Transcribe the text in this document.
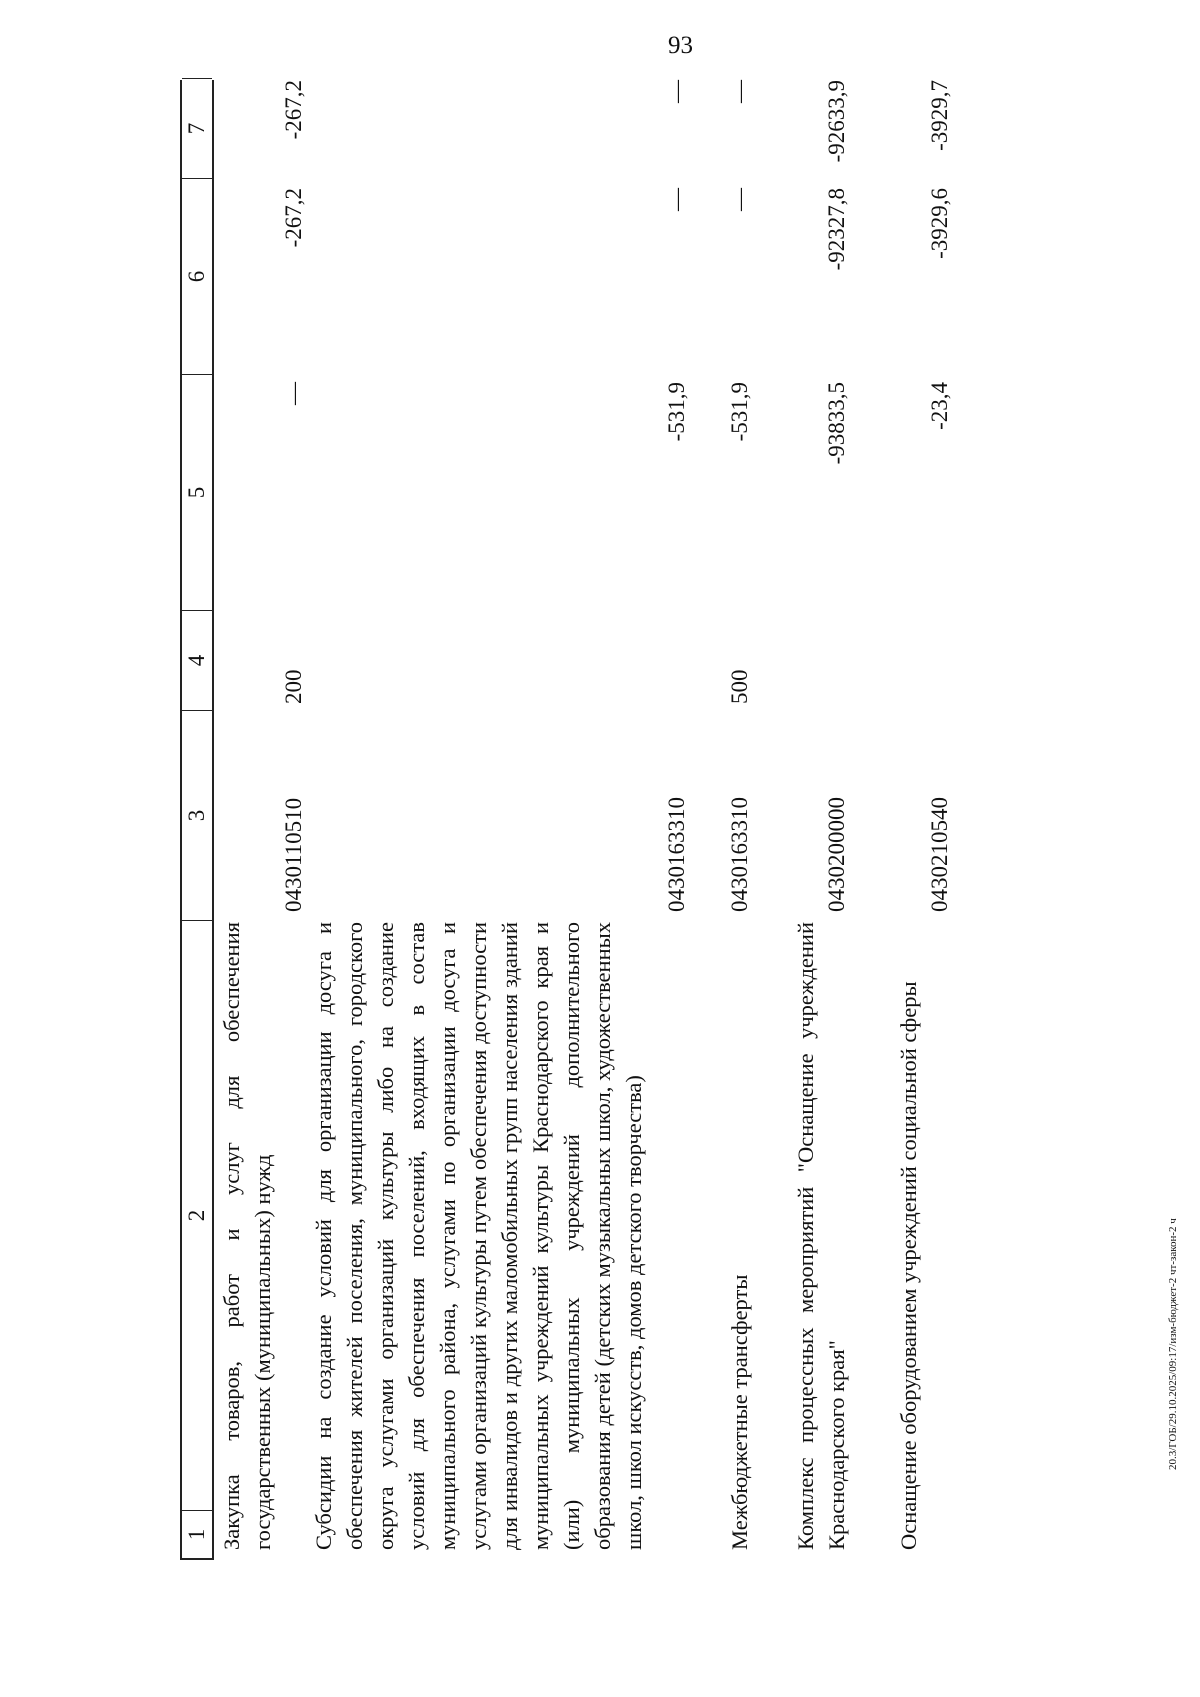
93
20.3/ГОБ/29.10.2025/09:17/изм-бюджет-2 чт-закон-2 ч
1
2
3
4
5
6
7
Закупка товаров, работ и услуг для обеспечения государственных (муниципальных) нужд
0430110510
200
—
-267,2
-267,2
Субсидии на создание условий для организации досуга и обеспечения жителей поселения, муниципального, городского округа услугами организаций культуры либо на создание условий для обеспечения поселений, входящих в состав муниципального района, услугами по организации досуга и услугами организаций культуры путем обеспечения доступности для инвалидов и других маломобильных групп населения зданий муниципальных учреждений культуры Краснодарского края и (или) муниципальных учреждений дополнительного образования детей (детских музыкальных школ, художественных школ, школ искусств, домов детского творчества)
0430163310
-531,9
—
—
Межбюджетные трансферты
0430163310
500
-531,9
—
—
Комплекс процессных мероприятий "Оснащение учреждений Краснодарского края"
0430200000
-93833,5
-92327,8
-92633,9
Оснащение оборудованием учреждений социальной сферы
0430210540
-23,4
-3929,6
-3929,7
